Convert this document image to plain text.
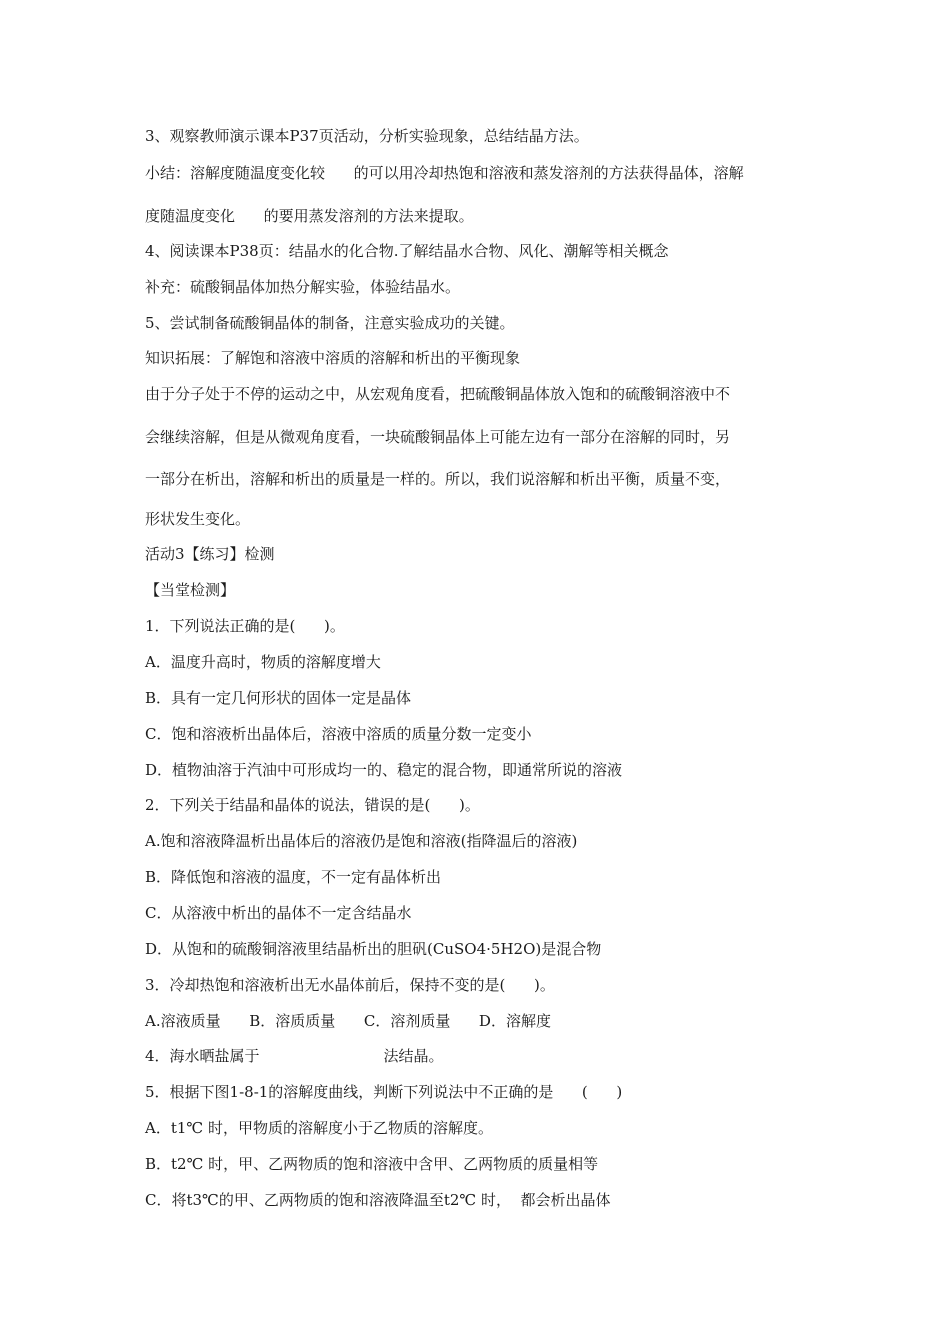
3、观察教师演示课本P37页活动，分析实验现象，总结结晶方法。
小结：溶解度随温度变化较      的可以用冷却热饱和溶液和蒸发溶剂的方法获得晶体，溶解
度随温度变化      的要用蒸发溶剂的方法来提取。
4、阅读课本P38页：结晶水的化合物.了解结晶水合物、风化、潮解等相关概念
补充：硫酸铜晶体加热分解实验，体验结晶水。
5、尝试制备硫酸铜晶体的制备，注意实验成功的关键。
知识拓展：了解饱和溶液中溶质的溶解和析出的平衡现象
由于分子处于不停的运动之中，从宏观角度看，把硫酸铜晶体放入饱和的硫酸铜溶液中不
会继续溶解，但是从微观角度看，一块硫酸铜晶体上可能左边有一部分在溶解的同时，另
一部分在析出，溶解和析出的质量是一样的。所以，我们说溶解和析出平衡，质量不变，
形状发生变化。
活动3【练习】检测
【当堂检测】
1．下列说法正确的是(      )。
A．温度升高时，物质的溶解度增大
B．具有一定几何形状的固体一定是晶体
C．饱和溶液析出晶体后，溶液中溶质的质量分数一定变小
D．植物油溶于汽油中可形成均一的、稳定的混合物，即通常所说的溶液
2．下列关于结晶和晶体的说法，错误的是(      )。
A.饱和溶液降温析出晶体后的溶液仍是饱和溶液(指降温后的溶液)
B．降低饱和溶液的温度，不一定有晶体析出
C．从溶液中析出的晶体不一定含结晶水
D．从饱和的硫酸铜溶液里结晶析出的胆矾(CuSO4·5H2O)是混合物
3．冷却热饱和溶液析出无水晶体前后，保持不变的是(      )。
A.溶液质量      B．溶质质量      C．溶剂质量      D．溶解度
4．海水晒盐属于                          法结晶。
5．根据下图1-8-1的溶解度曲线，判断下列说法中不正确的是      (      )
A．t1℃ 时，甲物质的溶解度小于乙物质的溶解度。
B．t2℃ 时，甲、乙两物质的饱和溶液中含甲、乙两物质的质量相等
C．将t3℃的甲、乙两物质的饱和溶液降温至t2℃ 时，  都会析出晶体
